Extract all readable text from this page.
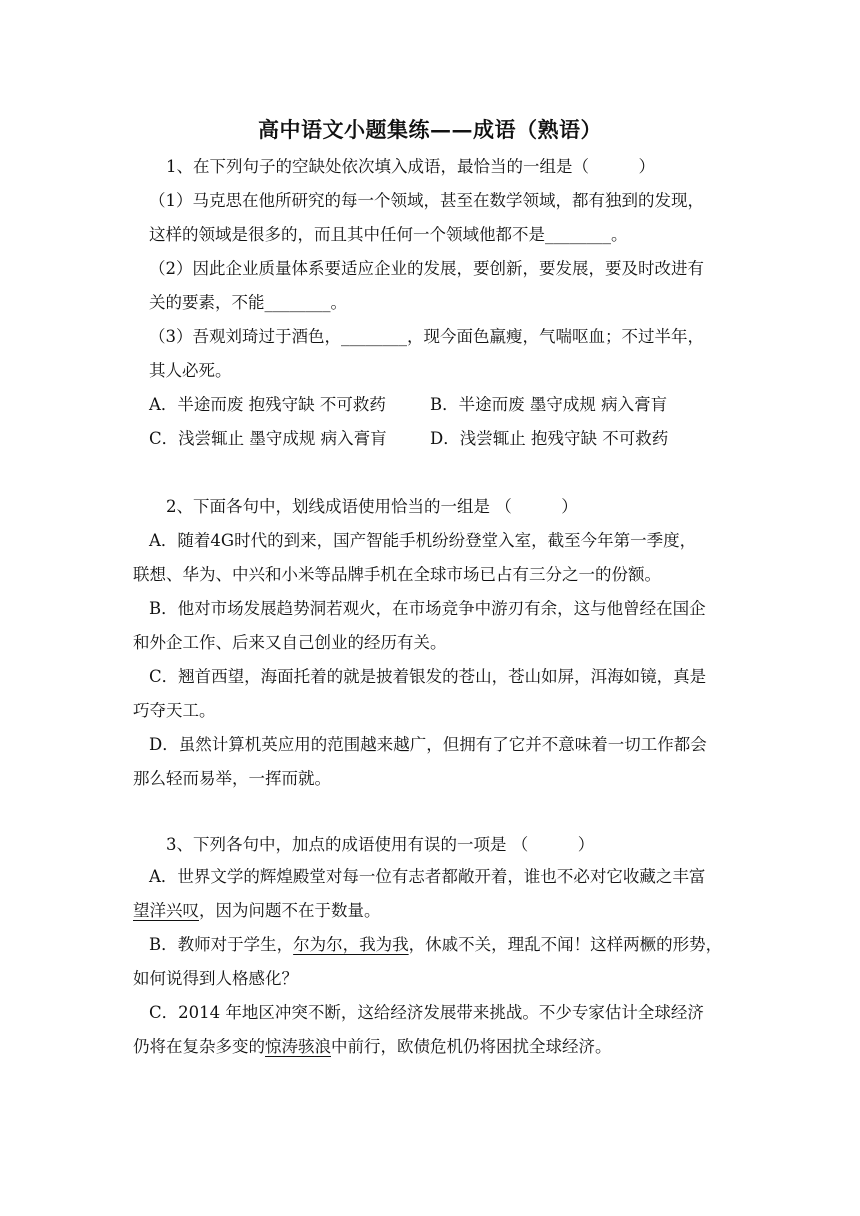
高中语文小题集练——成语（熟语）
1、在下列句子的空缺处依次填入成语，最恰当的一组是（　　　）
（1）马克思在他所研究的每一个领域，甚至在数学领域，都有独到的发现，
这样的领域是很多的，而且其中任何一个领域他都不是________。
（2）因此企业质量体系要适应企业的发展，要创新，要发展，要及时改进有
关的要素，不能________。
（3）吾观刘琦过于酒色，________，现今面色羸瘦，气喘呕血；不过半年，
其人必死。
A．半途而废 抱残守缺 不可救药	B．半途而废 墨守成规 病入膏肓
C．浅尝辄止 墨守成规 病入膏肓	D．浅尝辄止 抱残守缺 不可救药
2、下面各句中，划线成语使用恰当的一组是 （　　　）
A．随着4G时代的到来，国产智能手机纷纷登堂入室，截至今年第一季度，
联想、华为、中兴和小米等品牌手机在全球市场已占有三分之一的份额。
B．他对市场发展趋势洞若观火，在市场竞争中游刃有余，这与他曾经在国企
和外企工作、后来又自己创业的经历有关。
C．翘首西望，海面托着的就是披着银发的苍山，苍山如屏，洱海如镜，真是
巧夺天工。
D．虽然计算机英应用的范围越来越广，但拥有了它并不意味着一切工作都会
那么轻而易举，一挥而就。
3、下列各句中，加点的成语使用有误的一项是 （　　　）
A．世界文学的辉煌殿堂对每一位有志者都敞开着，谁也不必对它收藏之丰富
望洋兴叹，因为问题不在于数量。
B．教师对于学生，尔为尔，我为我，休戚不关，理乱不闻！这样两橛的形势，
如何说得到人格感化？
C．2014 年地区冲突不断，这给经济发展带来挑战。不少专家估计全球经济
仍将在复杂多变的惊涛骇浪中前行，欧债危机仍将困扰全球经济。
